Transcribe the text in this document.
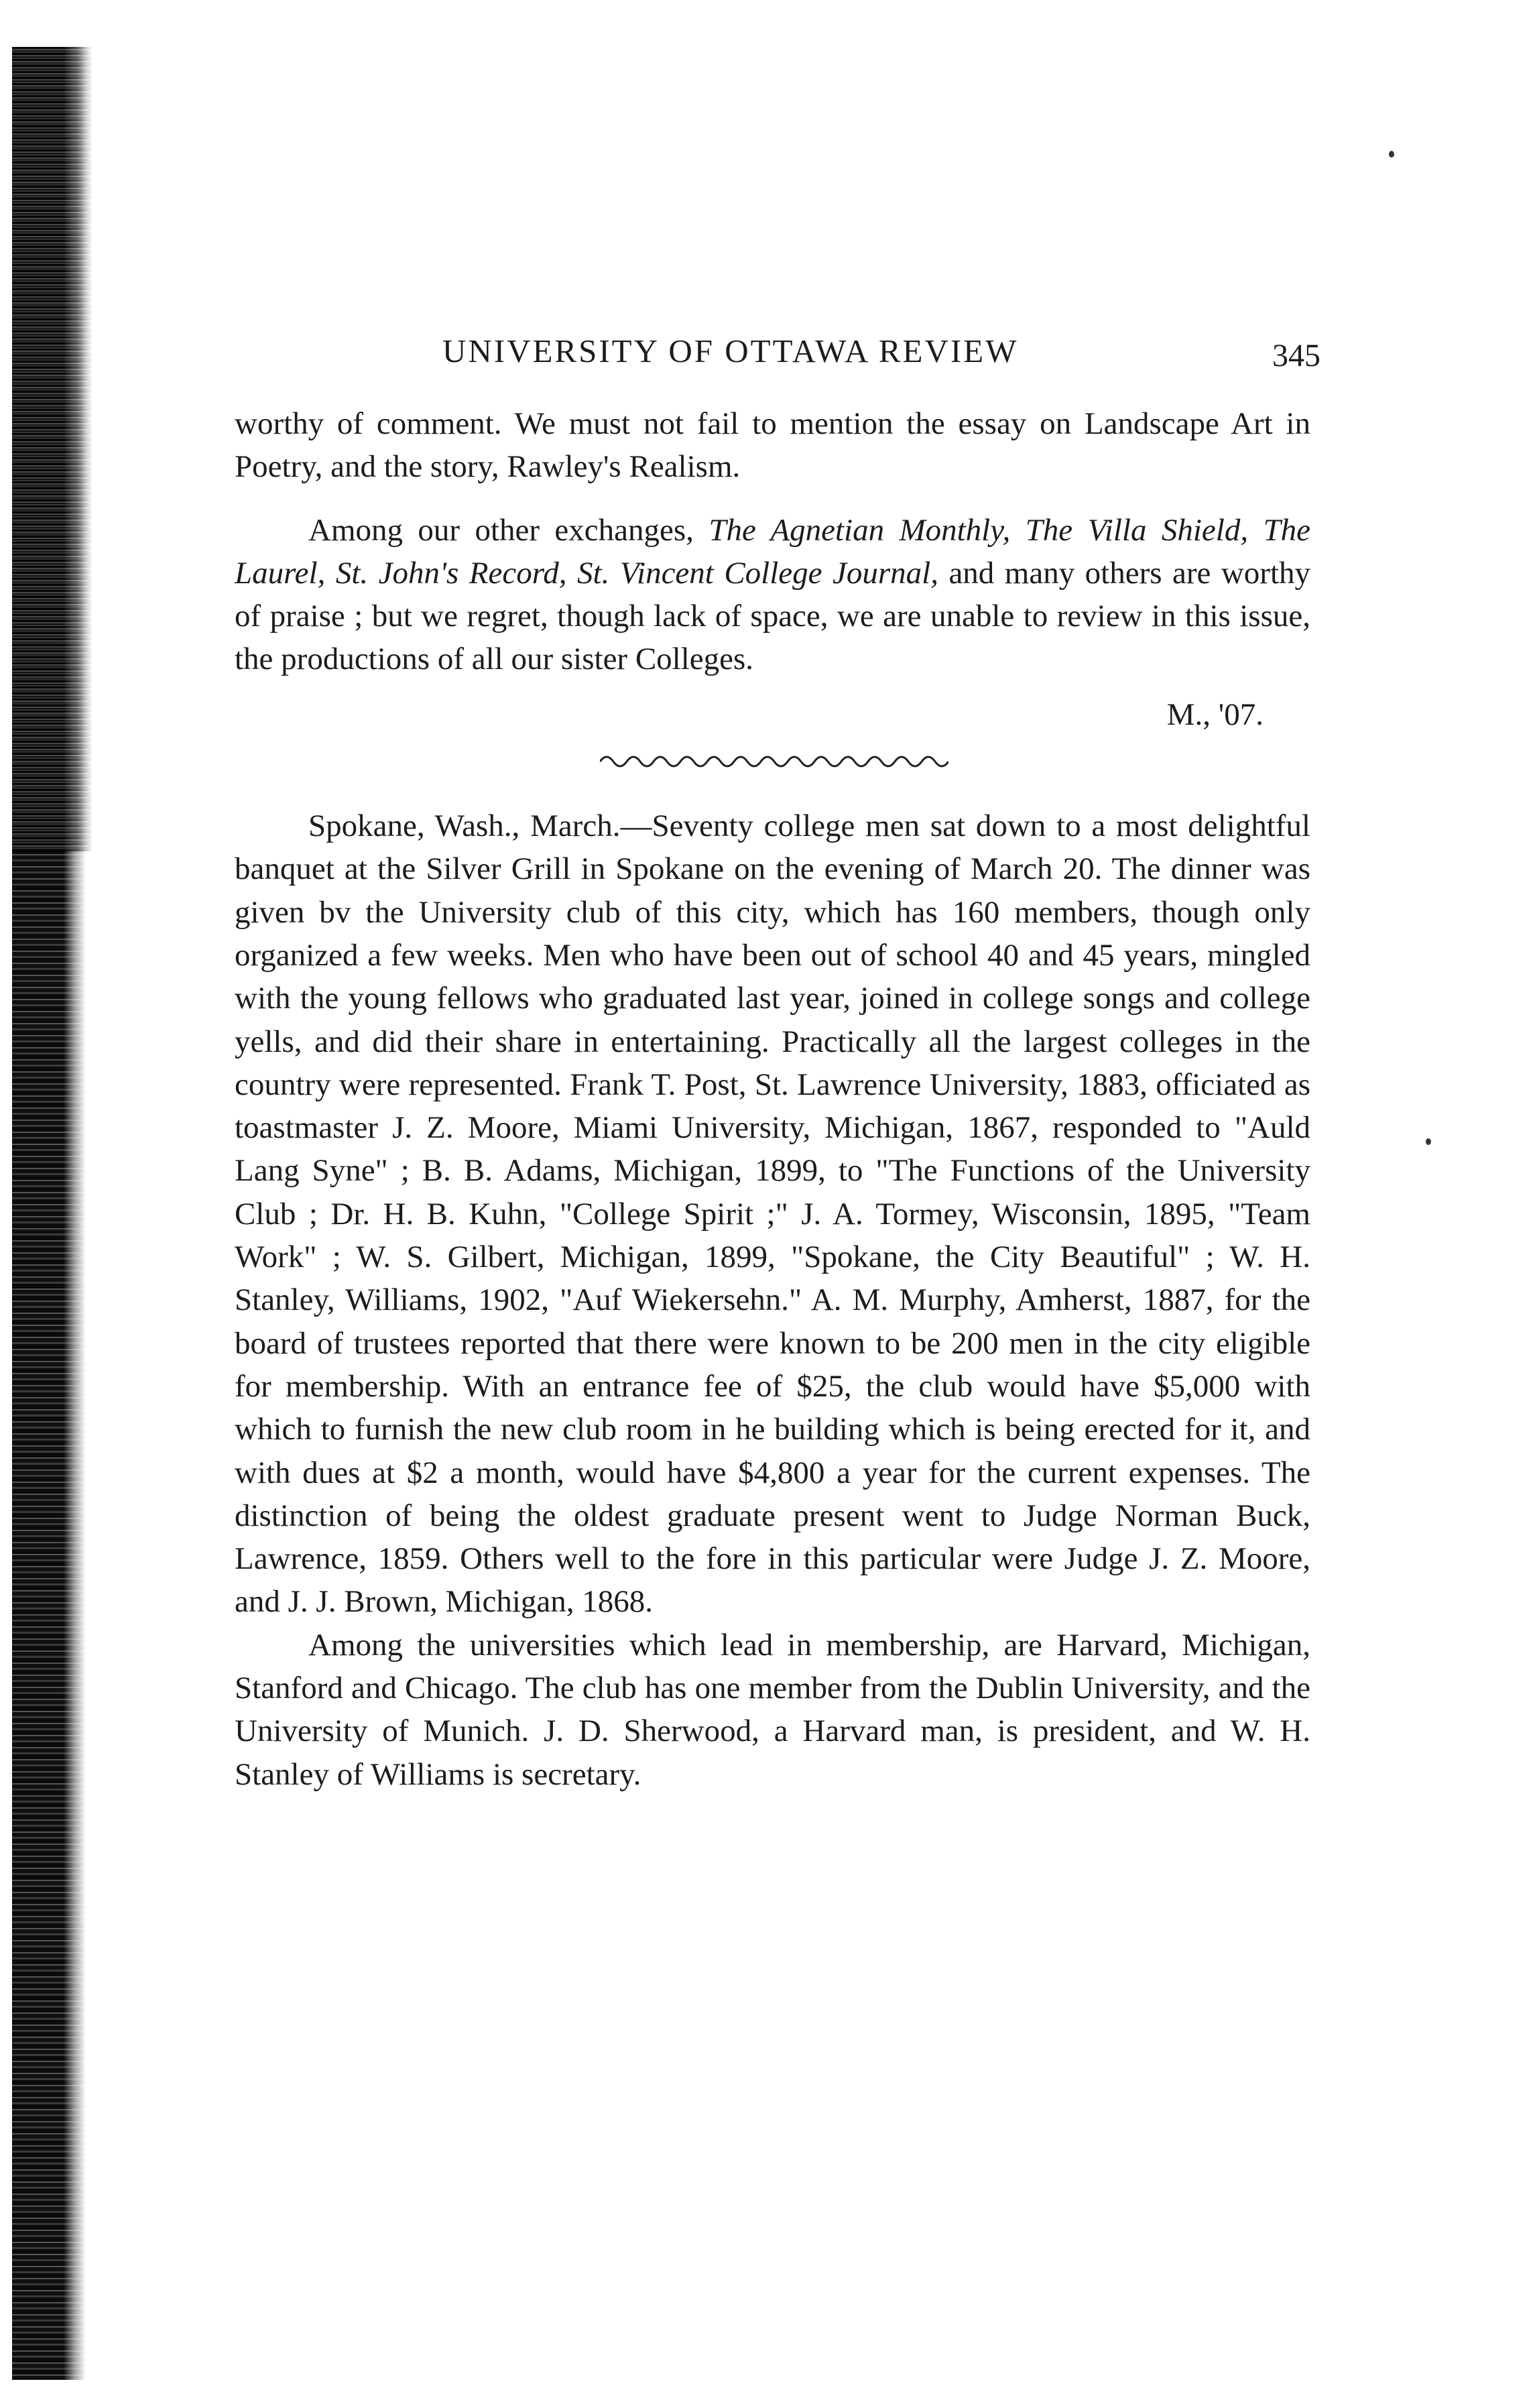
UNIVERSITY OF OTTAWA REVIEW	345

worthy of comment. We must not fail to mention the essay on Landscape Art in Poetry, and the story, Rawley's Realism.

Among our other exchanges, The Agnetian Monthly, The Villa Shield, The Laurel, St. John's Record, St. Vincent College Journal, and many others are worthy of praise ; but we regret, though lack of space, we are unable to review in this issue, the productions of all our sister Colleges.

M., '07.

Spokane, Wash., March.—Seventy college men sat down to a most delightful banquet at the Silver Grill in Spokane on the evening of March 20. The dinner was given bv the University club of this city, which has 160 members, though only organized a few weeks. Men who have been out of school 40 and 45 years, mingled with the young fellows who graduated last year, joined in college songs and college yells, and did their share in entertaining. Practically all the largest colleges in the country were represented. Frank T. Post, St. Lawrence University, 1883, officiated as toastmaster J. Z. Moore, Miami University, Michigan, 1867, responded to "Auld Lang Syne" ; B. B. Adams, Michigan, 1899, to "The Functions of the University Club ; Dr. H. B. Kuhn, "College Spirit ;" J. A. Tormey, Wisconsin, 1895, "Team Work" ; W. S. Gilbert, Michigan, 1899, "Spokane, the City Beautiful" ; W. H. Stanley, Williams, 1902, "Auf Wiekersehn." A. M. Murphy, Amherst, 1887, for the board of trustees reported that there were known to be 200 men in the city eligible for membership. With an entrance fee of $25, the club would have $5,000 with which to furnish the new club room in he building which is being erected for it, and with dues at $2 a month, would have $4,800 a year for the current expenses. The distinction of being the oldest graduate present went to Judge Norman Buck, Lawrence, 1859. Others well to the fore in this particular were Judge J. Z. Moore, and J. J. Brown, Michigan, 1868.

Among the universities which lead in membership, are Harvard, Michigan, Stanford and Chicago. The club has one member from the Dublin University, and the University of Munich. J. D. Sherwood, a Harvard man, is president, and W. H. Stanley of Williams is secretary.
